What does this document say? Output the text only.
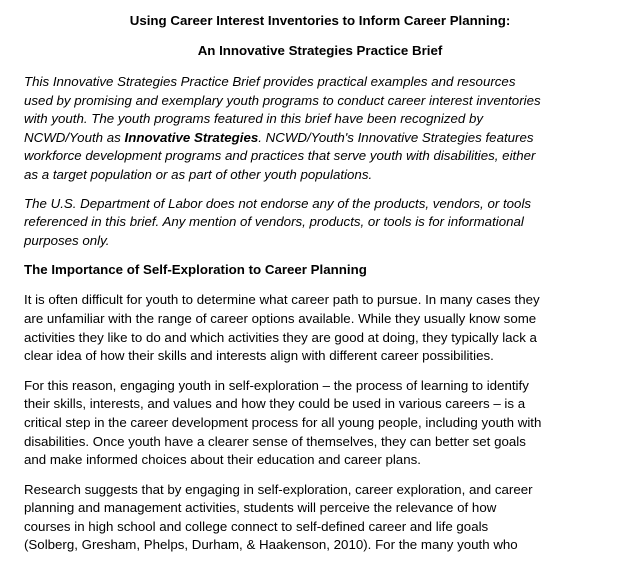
Using Career Interest Inventories to Inform Career Planning:
An Innovative Strategies Practice Brief
This Innovative Strategies Practice Brief provides practical examples and resources
used by promising and exemplary youth programs to conduct career interest inventories
with youth. The youth programs featured in this brief have been recognized by
NCWD/Youth as Innovative Strategies. NCWD/Youth's Innovative Strategies features
workforce development programs and practices that serve youth with disabilities, either
as a target population or as part of other youth populations.
The U.S. Department of Labor does not endorse any of the products, vendors, or tools
referenced in this brief. Any mention of vendors, products, or tools is for informational
purposes only.
The Importance of Self-Exploration to Career Planning
It is often difficult for youth to determine what career path to pursue. In many cases they
are unfamiliar with the range of career options available. While they usually know some
activities they like to do and which activities they are good at doing, they typically lack a
clear idea of how their skills and interests align with different career possibilities.
For this reason, engaging youth in self-exploration – the process of learning to identify
their skills, interests, and values and how they could be used in various careers – is a
critical step in the career development process for all young people, including youth with
disabilities. Once youth have a clearer sense of themselves, they can better set goals
and make informed choices about their education and career plans.
Research suggests that by engaging in self-exploration, career exploration, and career
planning and management activities, students will perceive the relevance of how
courses in high school and college connect to self-defined career and life goals
(Solberg, Gresham, Phelps, Durham, & Haakenson, 2010). For the many youth who
